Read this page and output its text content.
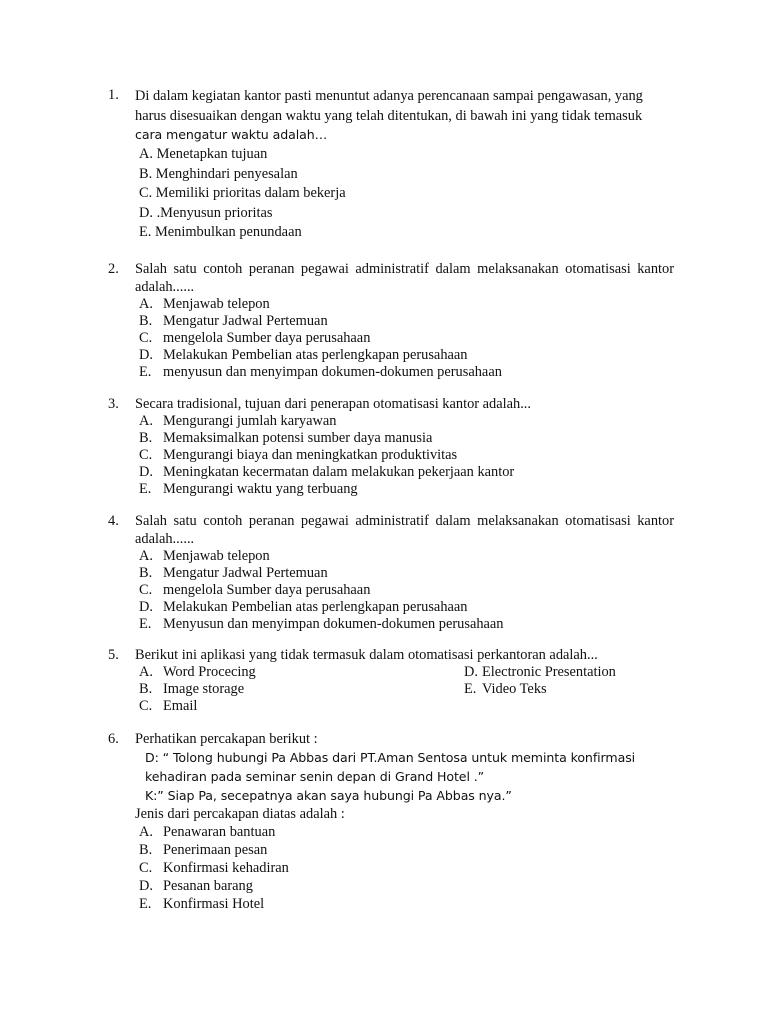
1.	Di dalam kegiatan kantor pasti menuntut adanya perencanaan sampai pengawasan, yang harus disesuaikan dengan waktu yang telah ditentukan, di bawah ini yang tidak temasuk
cara mengatur waktu adalah…
A. Menetapkan tujuan
B. Menghindari penyesalan
C. Memiliki prioritas dalam bekerja
D. .Menyusun prioritas
E. Menimbulkan penundaan
2.	Salah satu contoh peranan pegawai administratif dalam melaksanakan otomatisasi kantor adalah......
A. Menjawab telepon
B. Mengatur Jadwal Pertemuan
C. mengelola Sumber daya perusahaan
D. Melakukan Pembelian atas perlengkapan perusahaan
E. menyusun dan menyimpan dokumen-dokumen perusahaan
3.	Secara tradisional, tujuan dari penerapan otomatisasi kantor adalah...
A. Mengurangi jumlah karyawan
B. Memaksimalkan potensi sumber daya manusia
C. Mengurangi biaya dan meningkatkan produktivitas
D. Meningkatan kecermatan dalam melakukan pekerjaan kantor
E. Mengurangi waktu yang terbuang
4.	Salah satu contoh peranan pegawai administratif dalam melaksanakan otomatisasi kantor adalah......
A. Menjawab telepon
B. Mengatur Jadwal Pertemuan
C. mengelola Sumber daya perusahaan
D. Melakukan Pembelian atas perlengkapan perusahaan
E. Menyusun dan menyimpan dokumen-dokumen perusahaan
5.	Berikut ini aplikasi yang tidak termasuk dalam otomatisasi perkantoran adalah...
A. Word Procecing	D. Electronic Presentation
B. Image storage	E. Video Teks
C. Email
6.	Perhatikan percakapan berikut :
D: “ Tolong hubungi Pa Abbas dari PT.Aman Sentosa untuk meminta konfirmasi kehadiran pada seminar senin depan di Grand Hotel .”
K:” Siap Pa, secepatnya akan saya hubungi Pa Abbas nya.”
Jenis dari percakapan diatas adalah :
A. Penawaran bantuan
B. Penerimaan pesan
C. Konfirmasi kehadiran
D. Pesanan barang
E. Konfirmasi Hotel
